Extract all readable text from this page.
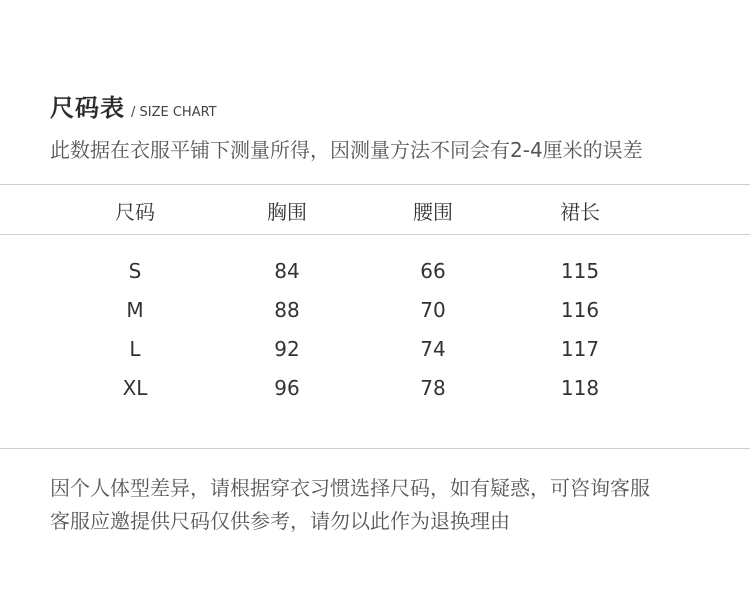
尺码表 / SIZE CHART
此数据在衣服平铺下测量所得，因测量方法不同会有2-4厘米的误差
尺码	胸围	腰围	裙长
S	84	66	115
M	88	70	116
L	92	74	117
XL	96	78	118
因个人体型差异，请根据穿衣习惯选择尺码，如有疑惑，可咨询客服
客服应邀提供尺码仅供参考，请勿以此作为退换理由
